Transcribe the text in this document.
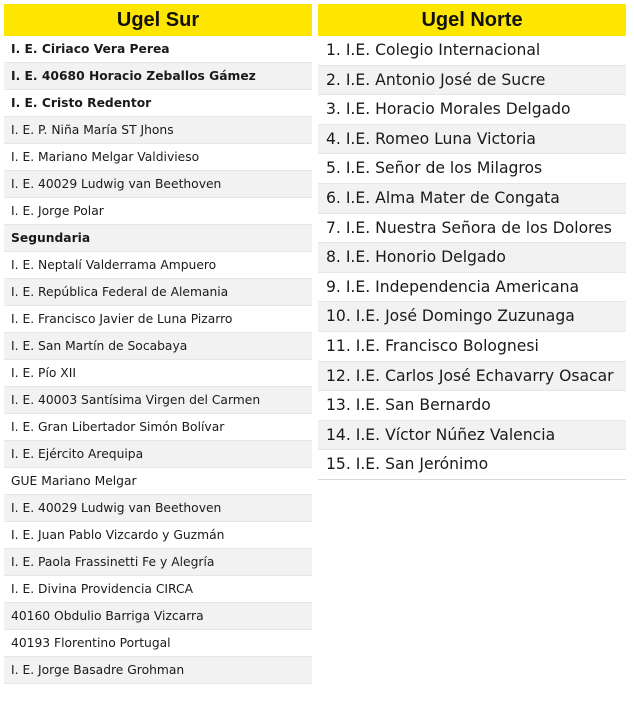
Ugel Sur
I. E. Ciriaco Vera Perea
I. E. 40680 Horacio Zeballos Gámez
I. E. Cristo Redentor
I. E. P. Niña María ST Jhons
I. E. Mariano Melgar Valdivieso
I. E. 40029 Ludwig van Beethoven
I. E. Jorge Polar
Segundaria
I. E. Neptalí Valderrama Ampuero
I. E. República Federal de Alemania
I. E. Francisco Javier de Luna Pizarro
I. E. San Martín de Socabaya
I. E. Pío XII
I. E. 40003 Santísima Virgen del Carmen
I. E. Gran Libertador Simón Bolívar
I. E. Ejército Arequipa
GUE Mariano Melgar
I. E. 40029 Ludwig van Beethoven
I. E. Juan Pablo Vizcardo y Guzmán
I. E. Paola Frassinetti Fe y Alegría
I. E. Divina Providencia CIRCA
40160 Obdulio Barriga Vizcarra
40193 Florentino Portugal
I. E. Jorge Basadre Grohman
Ugel Norte
1. I.E. Colegio Internacional
2. I.E. Antonio José de Sucre
3. I.E. Horacio Morales Delgado
4. I.E. Romeo Luna Victoria
5. I.E. Señor de los Milagros
6. I.E. Alma Mater de Congata
7. I.E. Nuestra Señora de los Dolores
8. I.E. Honorio Delgado
9. I.E. Independencia Americana
10. I.E. José Domingo Zuzunaga
11. I.E. Francisco Bolognesi
12. I.E. Carlos José Echavarry Osacar
13. I.E. San Bernardo
14. I.E. Víctor Núñez Valencia
15. I.E. San Jerónimo
